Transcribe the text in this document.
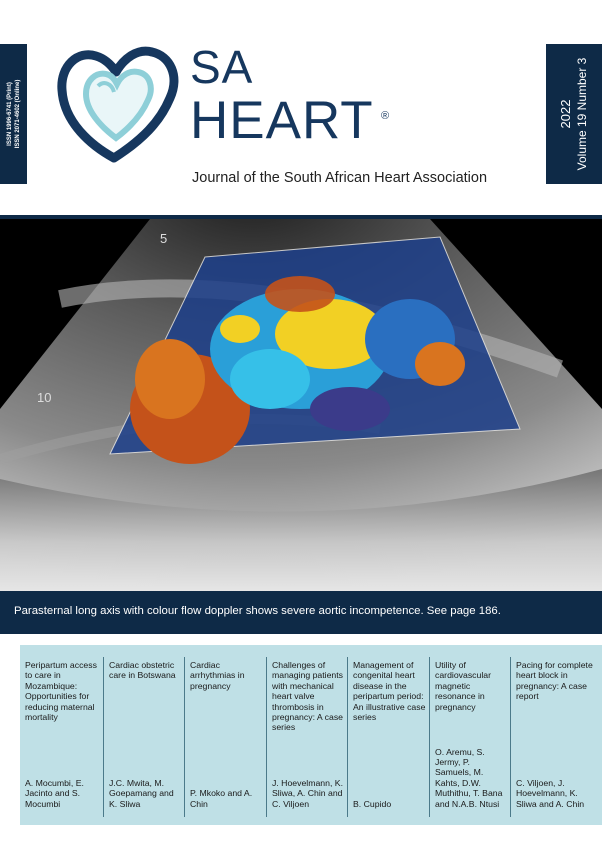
ISSN 1996-6741 (Print) ISSN 2071-4602 (Online)	2022 Volume 19 Number 3
SA
HEART ®
Journal of the South African Heart Association
5
10
Parasternal long axis with colour flow doppler shows severe aortic incompetence. See page 186.
Peripartum access to care in Mozambique: Opportunities for reducing maternal mortality
A. Mocumbi, E. Jacinto and S. Mocumbi
Cardiac obstetric care in Botswana
J.C. Mwita, M. Goepamang and K. Sliwa
Cardiac arrhythmias in pregnancy
P. Mkoko and A. Chin
Challenges of managing patients with mechanical heart valve thrombosis in pregnancy: A case series
J. Hoevelmann, K. Sliwa, A. Chin and C. Viljoen
Management of congenital heart disease in the peripartum period: An illustrative case series
B. Cupido
Utility of cardiovascular magnetic resonance in pregnancy
O. Aremu, S. Jermy, P. Samuels, M. Kahts, D.W. Muthithu, T. Bana and N.A.B. Ntusi
Pacing for complete heart block in pregnancy: A case report
C. Viljoen, J. Hoevelmann, K. Sliwa and A. Chin
